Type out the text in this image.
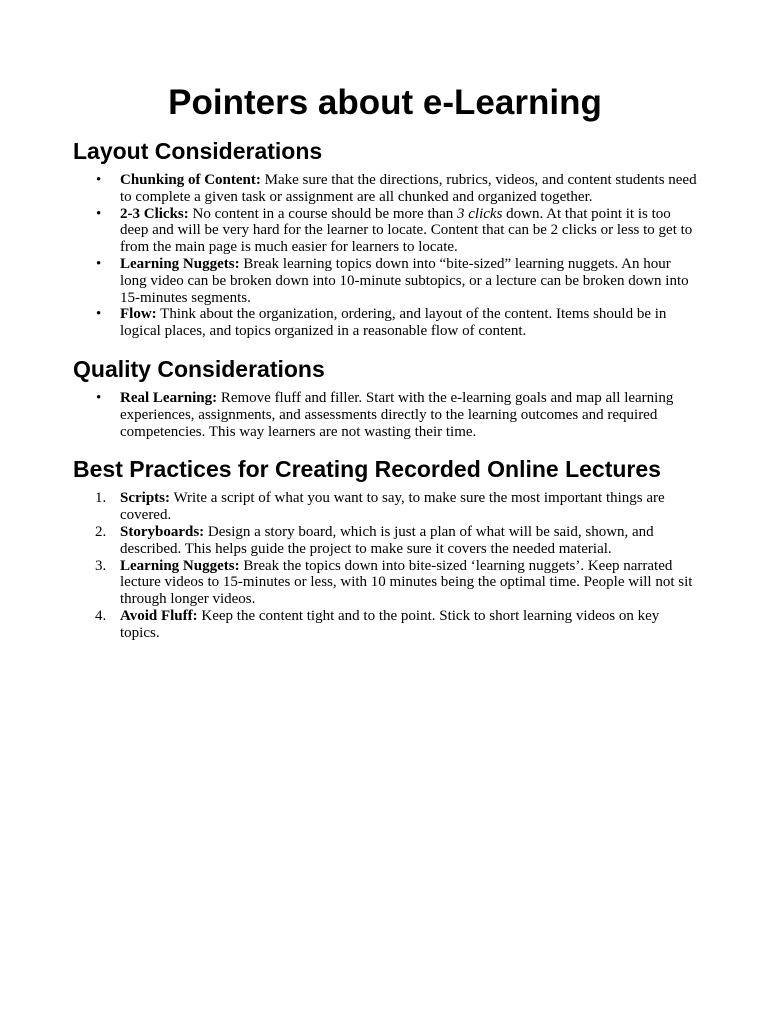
Pointers about e-Learning
Layout Considerations
•	Chunking of Content: Make sure that the directions, rubrics, videos, and content students need to complete a given task or assignment are all chunked and organized together.
•	2-3 Clicks: No content in a course should be more than 3 clicks down. At that point it is too deep and will be very hard for the learner to locate. Content that can be 2 clicks or less to get to from the main page is much easier for learners to locate.
•	Learning Nuggets: Break learning topics down into “bite-sized” learning nuggets. An hour long video can be broken down into 10-minute subtopics, or a lecture can be broken down into 15-minutes segments.
•	Flow: Think about the organization, ordering, and layout of the content. Items should be in logical places, and topics organized in a reasonable flow of content.
Quality Considerations
•	Real Learning: Remove fluff and filler. Start with the e-learning goals and map all learning experiences, assignments, and assessments directly to the learning outcomes and required competencies. This way learners are not wasting their time.
Best Practices for Creating Recorded Online Lectures
1. Scripts: Write a script of what you want to say, to make sure the most important things are covered.
2. Storyboards: Design a story board, which is just a plan of what will be said, shown, and described. This helps guide the project to make sure it covers the needed material.
3. Learning Nuggets: Break the topics down into bite-sized ‘learning nuggets’. Keep narrated lecture videos to 15-minutes or less, with 10 minutes being the optimal time. People will not sit through longer videos.
4. Avoid Fluff: Keep the content tight and to the point. Stick to short learning videos on key topics.
